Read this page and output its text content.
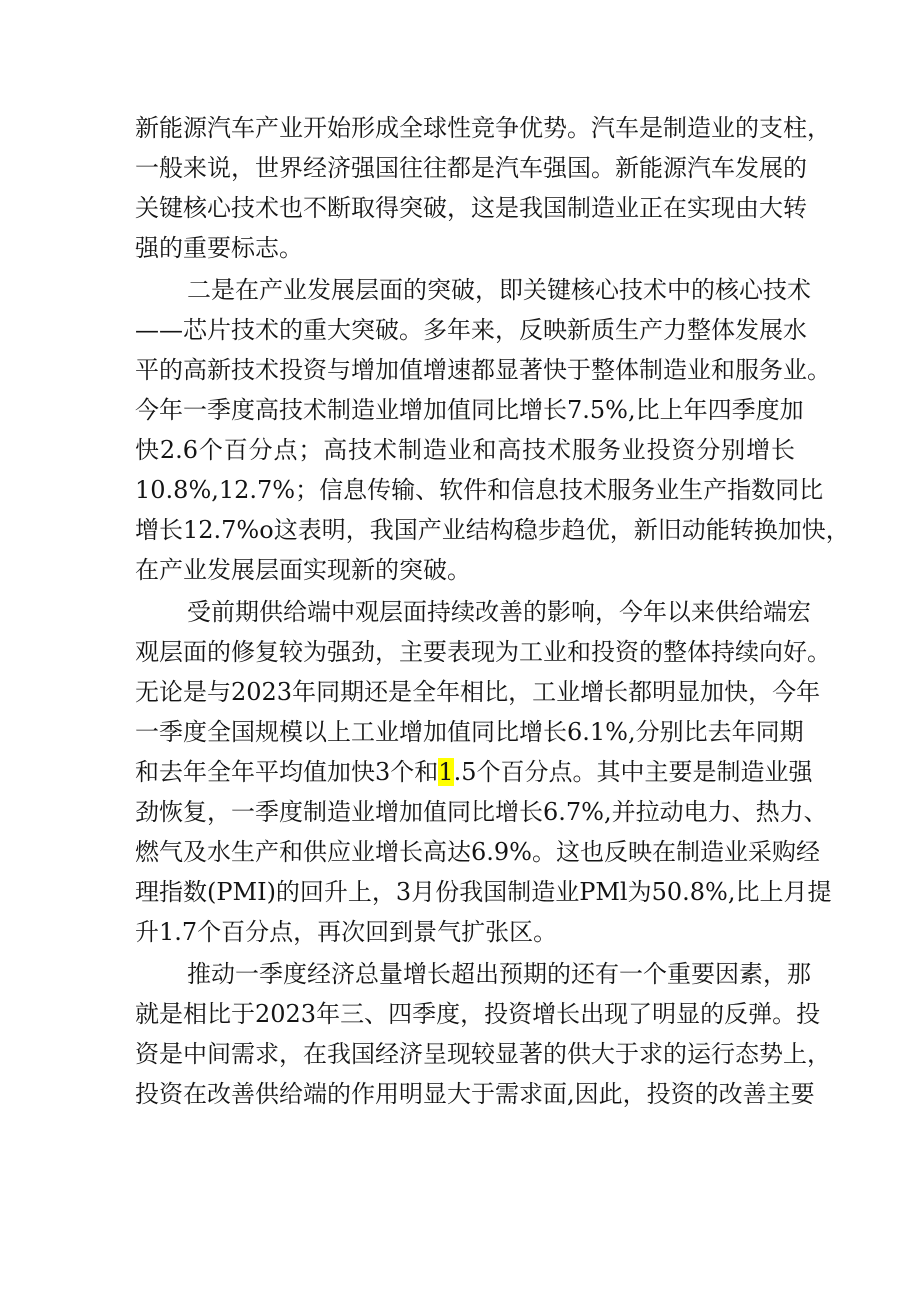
新能源汽车产业开始形成全球性竞争优势。汽车是制造业的支柱，
一般来说，世界经济强国往往都是汽车强国。新能源汽车发展的
关键核心技术也不断取得突破，这是我国制造业正在实现由大转
强的重要标志。
二是在产业发展层面的突破，即关键核心技术中的核心技术
——芯片技术的重大突破。多年来，反映新质生产力整体发展水
平的高新技术投资与增加值增速都显著快于整体制造业和服务业。
今年一季度高技术制造业增加值同比增长7.5%,比上年四季度加
快2.6个百分点；高技术制造业和高技术服务业投资分别增长
10.8%,12.7%；信息传输、软件和信息技术服务业生产指数同比
增长12.7%o这表明，我国产业结构稳步趋优，新旧动能转换加快，
在产业发展层面实现新的突破。
受前期供给端中观层面持续改善的影响，今年以来供给端宏
观层面的修复较为强劲，主要表现为工业和投资的整体持续向好。
无论是与2023年同期还是全年相比，工业增长都明显加快，今年
一季度全国规模以上工业增加值同比增长6.1%,分别比去年同期
和去年全年平均值加快3个和1.5个百分点。其中主要是制造业强
劲恢复，一季度制造业增加值同比增长6.7%,并拉动电力、热力、
燃气及水生产和供应业增长高达6.9%。这也反映在制造业采购经
理指数(PMI)的回升上，3月份我国制造业PMl为50.8%,比上月提
升1.7个百分点，再次回到景气扩张区。
推动一季度经济总量增长超出预期的还有一个重要因素，那
就是相比于2023年三、四季度，投资增长出现了明显的反弹。投
资是中间需求，在我国经济呈现较显著的供大于求的运行态势上，
投资在改善供给端的作用明显大于需求面,因此，投资的改善主要
